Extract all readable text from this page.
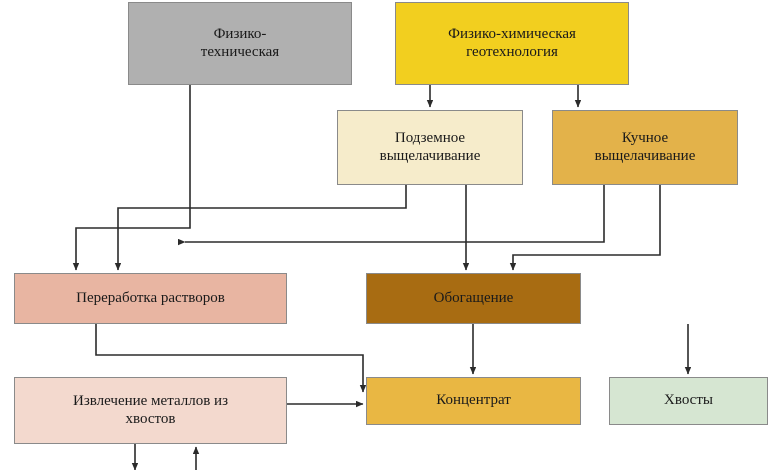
Физико-
техническая
Физико-химическая
геотехнология
Подземное
выщелачивание
Кучное
выщелачивание
Переработка растворов	Обогащение
Извлечение металлов из
хвостов
Концентрат	Хвосты
